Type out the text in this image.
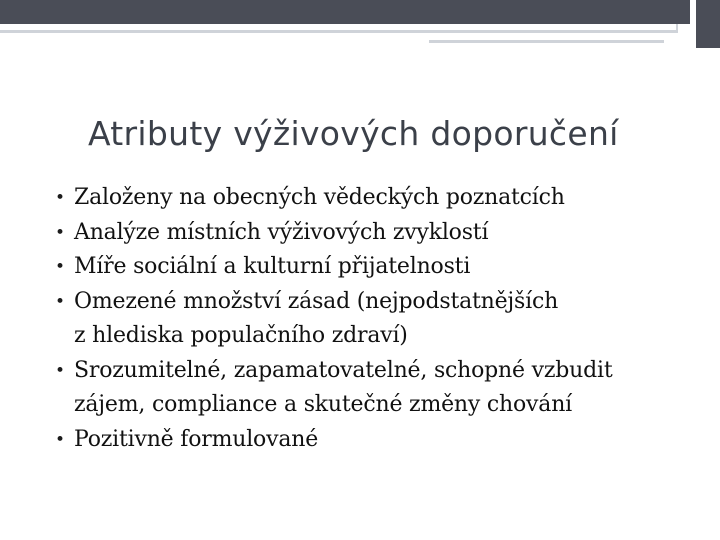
Atributy výživových doporučení
• Založeny na obecných vědeckých poznatcích
• Analýze místních výživových zvyklostí
• Míře sociální a kulturní přijatelnosti
• Omezené množství zásad (nejpodstatnějších
z hlediska populačního zdraví)
• Srozumitelné, zapamatovatelné, schopné vzbudit
zájem, compliance a skutečné změny chování
• Pozitivně formulované
